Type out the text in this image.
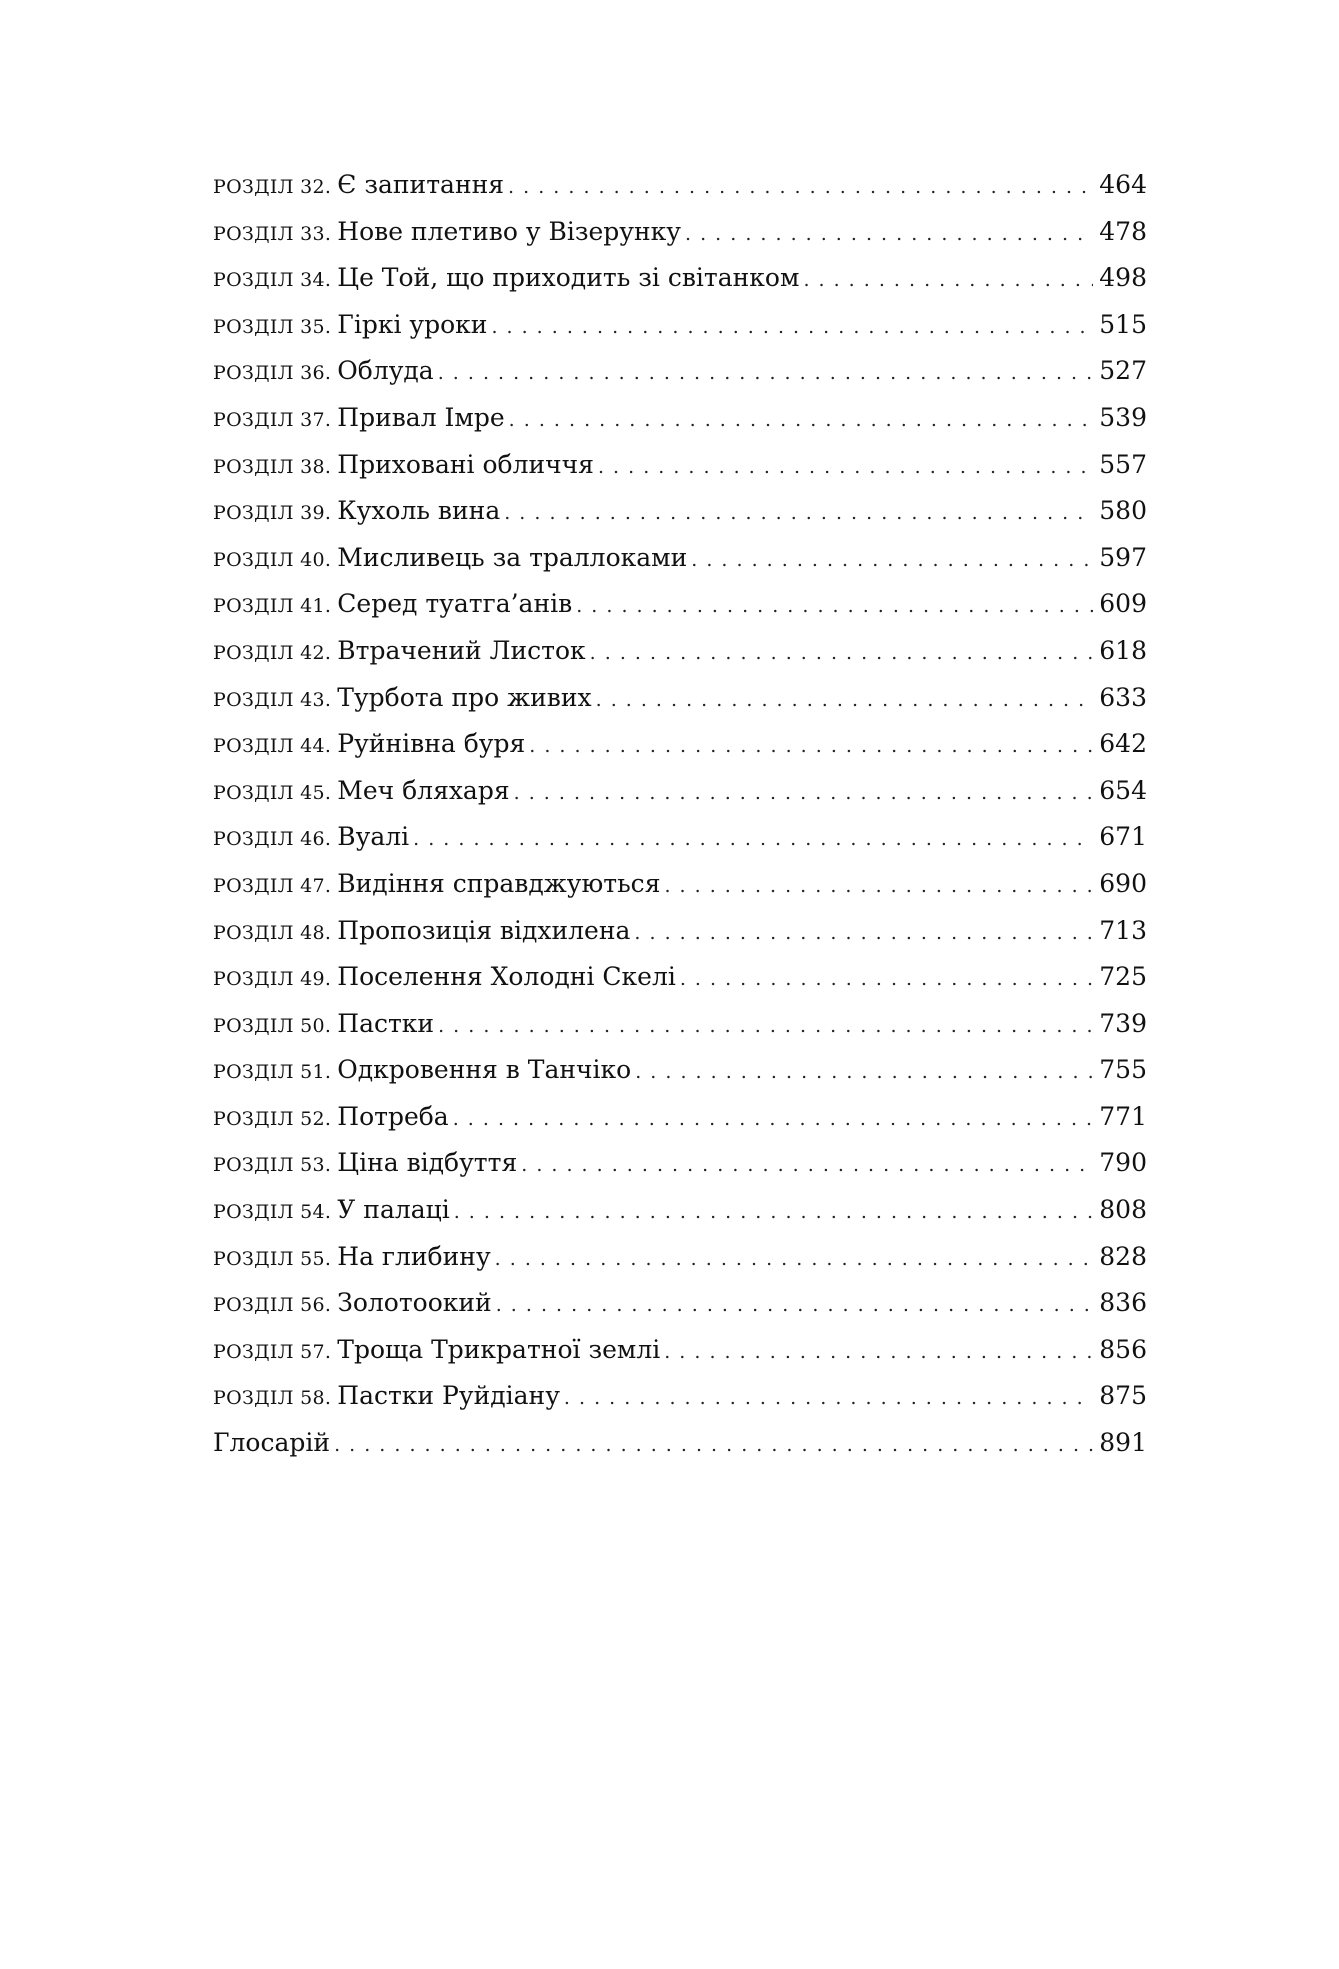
РОЗДІЛ 32. Є запитання . . .	464
РОЗДІЛ 33. Нове плетиво у Візерунку . . .	478
РОЗДІЛ 34. Це Той, що приходить зі світанком . . .	498
РОЗДІЛ 35. Гіркі уроки . . .	515
РОЗДІЛ 36. Облуда . . .	527
РОЗДІЛ 37. Привал Імре . . .	539
РОЗДІЛ 38. Приховані обличчя . . .	557
РОЗДІЛ 39. Кухоль вина . . .	580
РОЗДІЛ 40. Мисливець за траллоками . . .	597
РОЗДІЛ 41. Серед туатга’анів . . .	609
РОЗДІЛ 42. Втрачений Листок . . .	618
РОЗДІЛ 43. Турбота про живих . . .	633
РОЗДІЛ 44. Руйнівна буря . . .	642
РОЗДІЛ 45. Меч бляхаря . . .	654
РОЗДІЛ 46. Вуалі . . .	671
РОЗДІЛ 47. Видіння справджуються . . .	690
РОЗДІЛ 48. Пропозиція відхилена . . .	713
РОЗДІЛ 49. Поселення Холодні Скелі . . .	725
РОЗДІЛ 50. Пастки . . .	739
РОЗДІЛ 51. Одкровення в Танчіко . . .	755
РОЗДІЛ 52. Потреба . . .	771
РОЗДІЛ 53. Ціна відбуття . . .	790
РОЗДІЛ 54. У палаці . . .	808
РОЗДІЛ 55. На глибину . . .	828
РОЗДІЛ 56. Золотоокий . . .	836
РОЗДІЛ 57. Троща Трикратної землі . . .	856
РОЗДІЛ 58. Пастки Руйдіану . . .	875
Глосарій . . .	891
